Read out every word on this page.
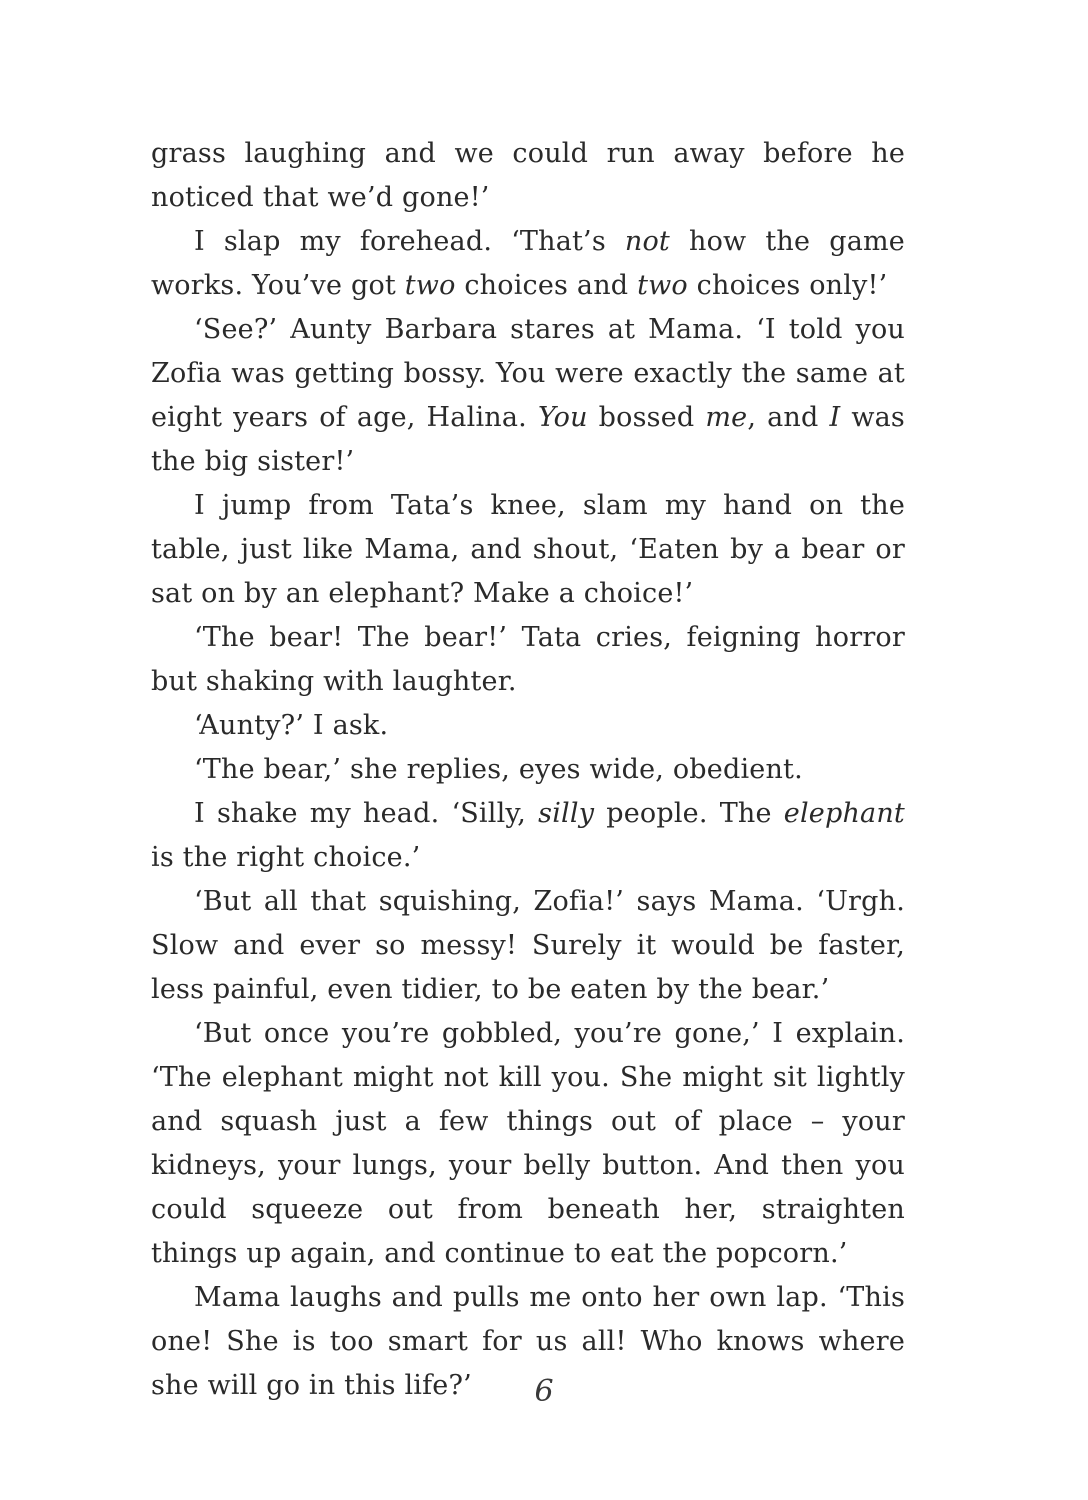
grass laughing and we could run away before he noticed that we’d gone!’

I slap my forehead. ‘That’s not how the game works. You’ve got two choices and two choices only!’

‘See?’ Aunty Barbara stares at Mama. ‘I told you Zofia was getting bossy. You were exactly the same at eight years of age, Halina. You bossed me, and I was the big sister!’

I jump from Tata’s knee, slam my hand on the table, just like Mama, and shout, ‘Eaten by a bear or sat on by an elephant? Make a choice!’

‘The bear! The bear!’ Tata cries, feigning horror but shaking with laughter.

‘Aunty?’ I ask.

‘The bear,’ she replies, eyes wide, obedient.

I shake my head. ‘Silly, silly people. The elephant is the right choice.’

‘But all that squishing, Zofia!’ says Mama. ‘Urgh. Slow and ever so messy! Surely it would be faster, less painful, even tidier, to be eaten by the bear.’

‘But once you’re gobbled, you’re gone,’ I explain. ‘The elephant might not kill you. She might sit lightly and squash just a few things out of place – your kidneys, your lungs, your belly button. And then you could squeeze out from beneath her, straighten things up again, and continue to eat the popcorn.’

Mama laughs and pulls me onto her own lap. ‘This one! She is too smart for us all! Who knows where she will go in this life?’	6
